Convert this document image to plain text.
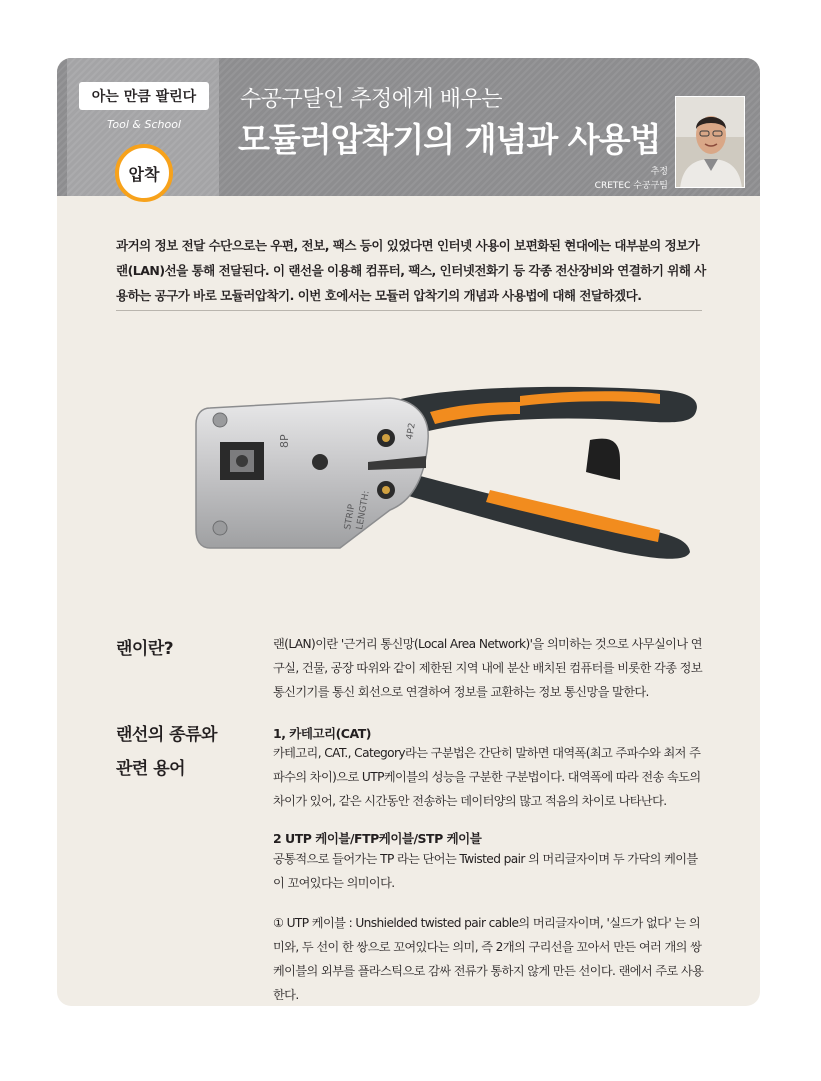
아는 만큼 팔린다
Tool & School
수공구달인 추정에게 배우는
모듈러압착기의 개념과 사용법
추정
CRETEC 수공구팀
압착

과거의 정보 전달 수단으로는 우편, 전보, 팩스 등이 있었다면 인터넷 사용이 보편화된 현대에는 대부분의 정보가 랜(LAN)선을 통해 전달된다. 이 랜선을 이용해 컴퓨터, 팩스, 인터넷전화기 등 각종 전산장비와 연결하기 위해 사용하는 공구가 바로 모듈러압착기. 이번 호에서는 모듈러 압착기의 개념과 사용법에 대해 전달하겠다.

8P
STRIP
LENGTH:
4P2
랜이란?	랜(LAN)이란 '근거리 통신망(Local Area Network)'을 의미하는 것으로 사무실이나 연구실, 건물, 공장 따위와 같이 제한된 지역 내에 분산 배치된 컴퓨터를 비롯한 각종 정보 통신기기를 통신 회선으로 연결하여 정보를 교환하는 정보 통신망을 말한다.

랜선의 종류와
관련 용어
1, 카테고리(CAT)

카테고리, CAT., Category라는 구분법은 간단히 말하면 대역폭(최고 주파수와 최저 주파수의 차이)으로 UTP케이블의 성능을 구분한 구분법이다. 대역폭에 따라 전송 속도의 차이가 있어, 같은 시간동안 전송하는 데이터양의 많고 적음의 차이로 나타난다.

2 UTP 케이블/FTP케이블/STP 케이블

공통적으로 들어가는 TP 라는 단어는 Twisted pair 의 머리글자이며 두 가닥의 케이블이 꼬여있다는 의미이다.

① UTP 케이블 : Unshielded twisted pair cable의 머리글자이며, '실드가 없다' 는 의미와, 두 선이 한 쌍으로 꼬여있다는 의미, 즉 2개의 구리선을 꼬아서 만든 여러 개의 쌍케이블의 외부를 플라스틱으로 감싸 전류가 통하지 않게 만든 선이다. 랜에서 주로 사용한다.
